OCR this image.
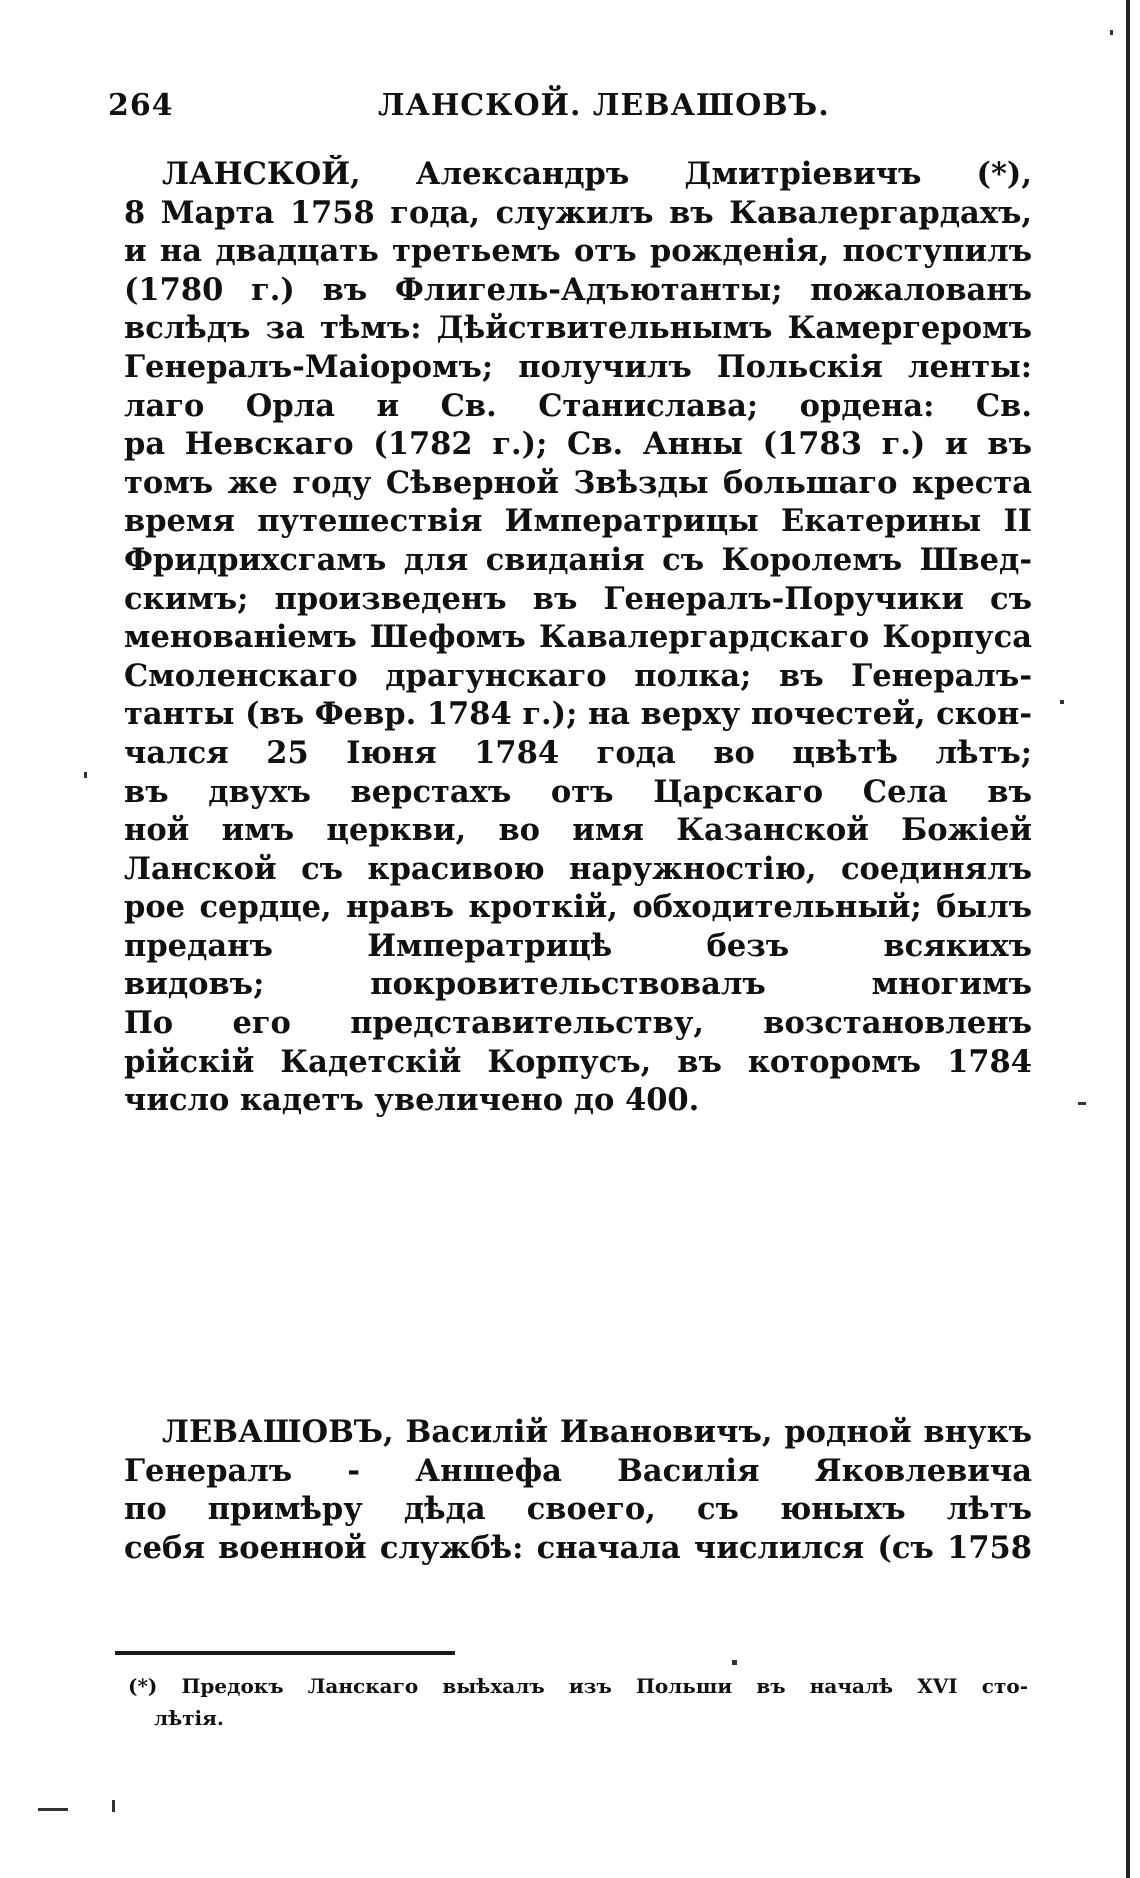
264	ЛАНСКОЙ. ЛЕВАШОВЪ.
ЛАНСКОЙ, Александръ Дмитріевичъ (*),
8 Марта 1758 года, служилъ въ Кавалергардахъ,
и на двадцать третьемъ отъ рожденія, поступилъ
(1780 г.) въ Флигель-Адъютанты; пожалованъ
вслѣдъ за тѣмъ: Дѣйствительнымъ Камергеромъ
Генералъ-Маіоромъ; получилъ Польскія ленты:
лаго Орла и Св. Станислава; ордена: Св.
ра Невскаго (1782 г.); Св. Анны (1783 г.) и въ
томъ же году Сѣверной Звѣзды большаго креста
время путешествія Императрицы Екатерины II
Фридрихсгамъ для свиданія съ Королемъ Швед-
скимъ; произведенъ въ Генералъ-Поручики съ
менованіемъ Шефомъ Кавалергардскаго Корпуса
Смоленскаго драгунскаго полка; въ Генералъ-
танты (въ Февр. 1784 г.); на верху почестей, скон-
чался 25 Іюня 1784 года во цвѣтѣ лѣтъ;
въ двухъ верстахъ отъ Царскаго Села въ
ной имъ церкви, во имя Казанской Божіей
Ланской съ красивою наружностію, соединялъ
рое сердце, нравъ кроткій, обходительный; былъ
преданъ Императрицѣ безъ всякихъ
видовъ; покровительствовалъ многимъ
По его представительству, возстановленъ
рійскій Кадетскій Корпусъ, въ которомъ 1784
число кадетъ увеличено до 400.
ЛЕВАШОВЪ, Василій Ивановичъ, родной внукъ
Генералъ - Аншефа Василія Яковлевича
по примѣру дѣда своего, съ юныхъ лѣтъ
себя военной службѣ: сначала числился (съ 1758
(*) Предокъ Ланскаго выѣхалъ изъ Польши въ началѣ XVI сто-
лѣтія.
